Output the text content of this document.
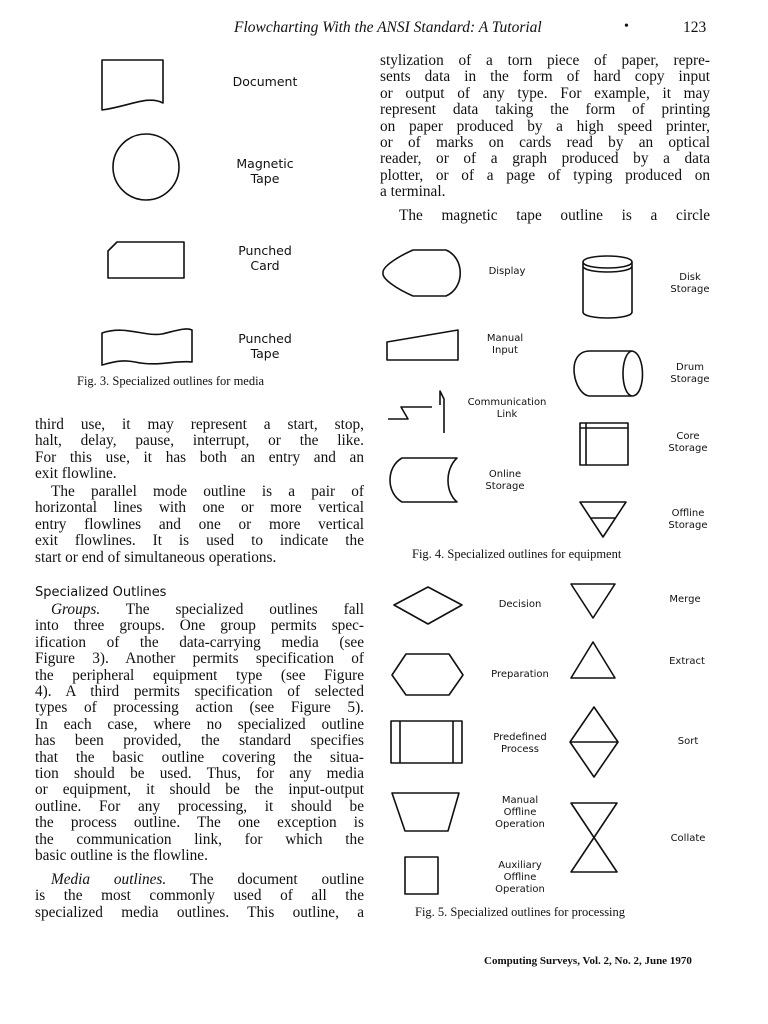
Flowcharting With the ANSI Standard: A Tutorial	•	123
Document
Magnetic
Tape
Punched
Card
Punched
Tape
Fig. 3. Specialized outlines for media
Display
Manual
Input
Communication
Link
Online
Storage
Disk
Storage
Drum
Storage
Core
Storage
Offline
Storage
Fig. 4. Specialized outlines for equipment
Decision
Preparation
Predefined
Process
Manual
Offline
Operation
Auxiliary
Offline
Operation
Merge
Extract
Sort
Collate
Fig. 5. Specialized outlines for processing
stylization of a torn piece of paper, repre-
sents data in the form of hard copy input
or output of any type. For example, it may
represent data taking the form of printing
on paper produced by a high speed printer,
or of marks on cards read by an optical
reader, or of a graph produced by a data
plotter, or of a page of typing produced on
a terminal.
The magnetic tape outline is a circle
third use, it may represent a start, stop,
halt, delay, pause, interrupt, or the like.
For this use, it has both an entry and an
exit flowline.
The parallel mode outline is a pair of
horizontal lines with one or more vertical
entry flowlines and one or more vertical
exit flowlines. It is used to indicate the
start or end of simultaneous operations.
Specialized Outlines
Groups. The specialized outlines fall
into three groups. One group permits spec-
ification of the data-carrying media (see
Figure 3). Another permits specification of
the peripheral equipment type (see Figure
4). A third permits specification of selected
types of processing action (see Figure 5).
In each case, where no specialized outline
has been provided, the standard specifies
that the basic outline covering the situa-
tion should be used. Thus, for any media
or equipment, it should be the input-output
outline. For any processing, it should be
the process outline. The one exception is
the communication link, for which the
basic outline is the flowline.
Media outlines. The document outline
is the most commonly used of all the
specialized media outlines. This outline, a
Computing Surveys, Vol. 2, No. 2, June 1970
